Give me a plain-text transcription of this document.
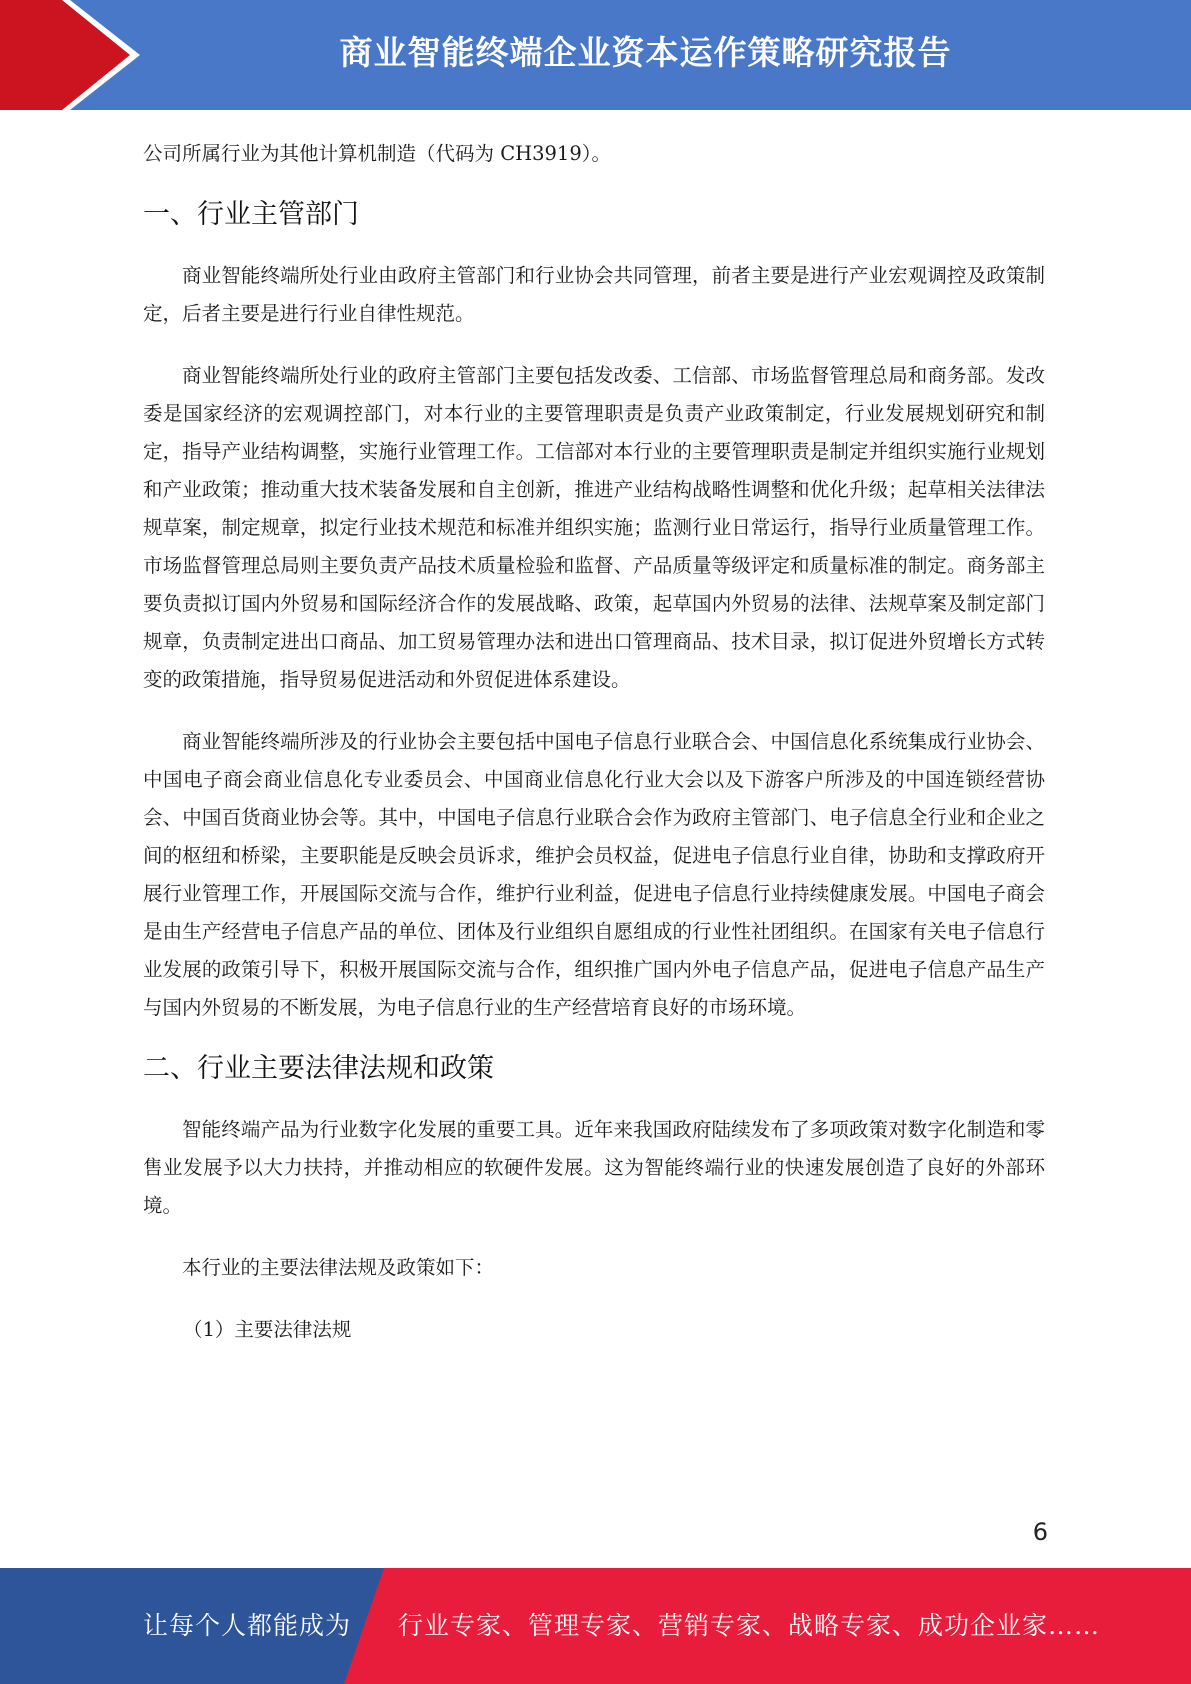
商业智能终端企业资本运作策略研究报告

公司所属行业为其他计算机制造（代码为 CH3919）。

一、行业主管部门

商业智能终端所处行业由政府主管部门和行业协会共同管理，前者主要是进行产业宏观调控及政策制定，后者主要是进行行业自律性规范。

商业智能终端所处行业的政府主管部门主要包括发改委、工信部、市场监督管理总局和商务部。发改委是国家经济的宏观调控部门，对本行业的主要管理职责是负责产业政策制定，行业发展规划研究和制定，指导产业结构调整，实施行业管理工作。工信部对本行业的主要管理职责是制定并组织实施行业规划和产业政策；推动重大技术装备发展和自主创新，推进产业结构战略性调整和优化升级；起草相关法律法规草案，制定规章，拟定行业技术规范和标准并组织实施；监测行业日常运行，指导行业质量管理工作。市场监督管理总局则主要负责产品技术质量检验和监督、产品质量等级评定和质量标准的制定。商务部主要负责拟订国内外贸易和国际经济合作的发展战略、政策，起草国内外贸易的法律、法规草案及制定部门规章，负责制定进出口商品、加工贸易管理办法和进出口管理商品、技术目录，拟订促进外贸增长方式转变的政策措施，指导贸易促进活动和外贸促进体系建设。

商业智能终端所涉及的行业协会主要包括中国电子信息行业联合会、中国信息化系统集成行业协会、中国电子商会商业信息化专业委员会、中国商业信息化行业大会以及下游客户所涉及的中国连锁经营协会、中国百货商业协会等。其中，中国电子信息行业联合会作为政府主管部门、电子信息全行业和企业之间的枢纽和桥梁，主要职能是反映会员诉求，维护会员权益，促进电子信息行业自律，协助和支撑政府开展行业管理工作，开展国际交流与合作，维护行业利益，促进电子信息行业持续健康发展。中国电子商会是由生产经营电子信息产品的单位、团体及行业组织自愿组成的行业性社团组织。在国家有关电子信息行业发展的政策引导下，积极开展国际交流与合作，组织推广国内外电子信息产品，促进电子信息产品生产与国内外贸易的不断发展，为电子信息行业的生产经营培育良好的市场环境。

二、行业主要法律法规和政策

智能终端产品为行业数字化发展的重要工具。近年来我国政府陆续发布了多项政策对数字化制造和零售业发展予以大力扶持，并推动相应的软硬件发展。这为智能终端行业的快速发展创造了良好的外部环境。

本行业的主要法律法规及政策如下：

（1）主要法律法规

6
让每个人都能成为 行业专家、管理专家、营销专家、战略专家、成功企业家……
